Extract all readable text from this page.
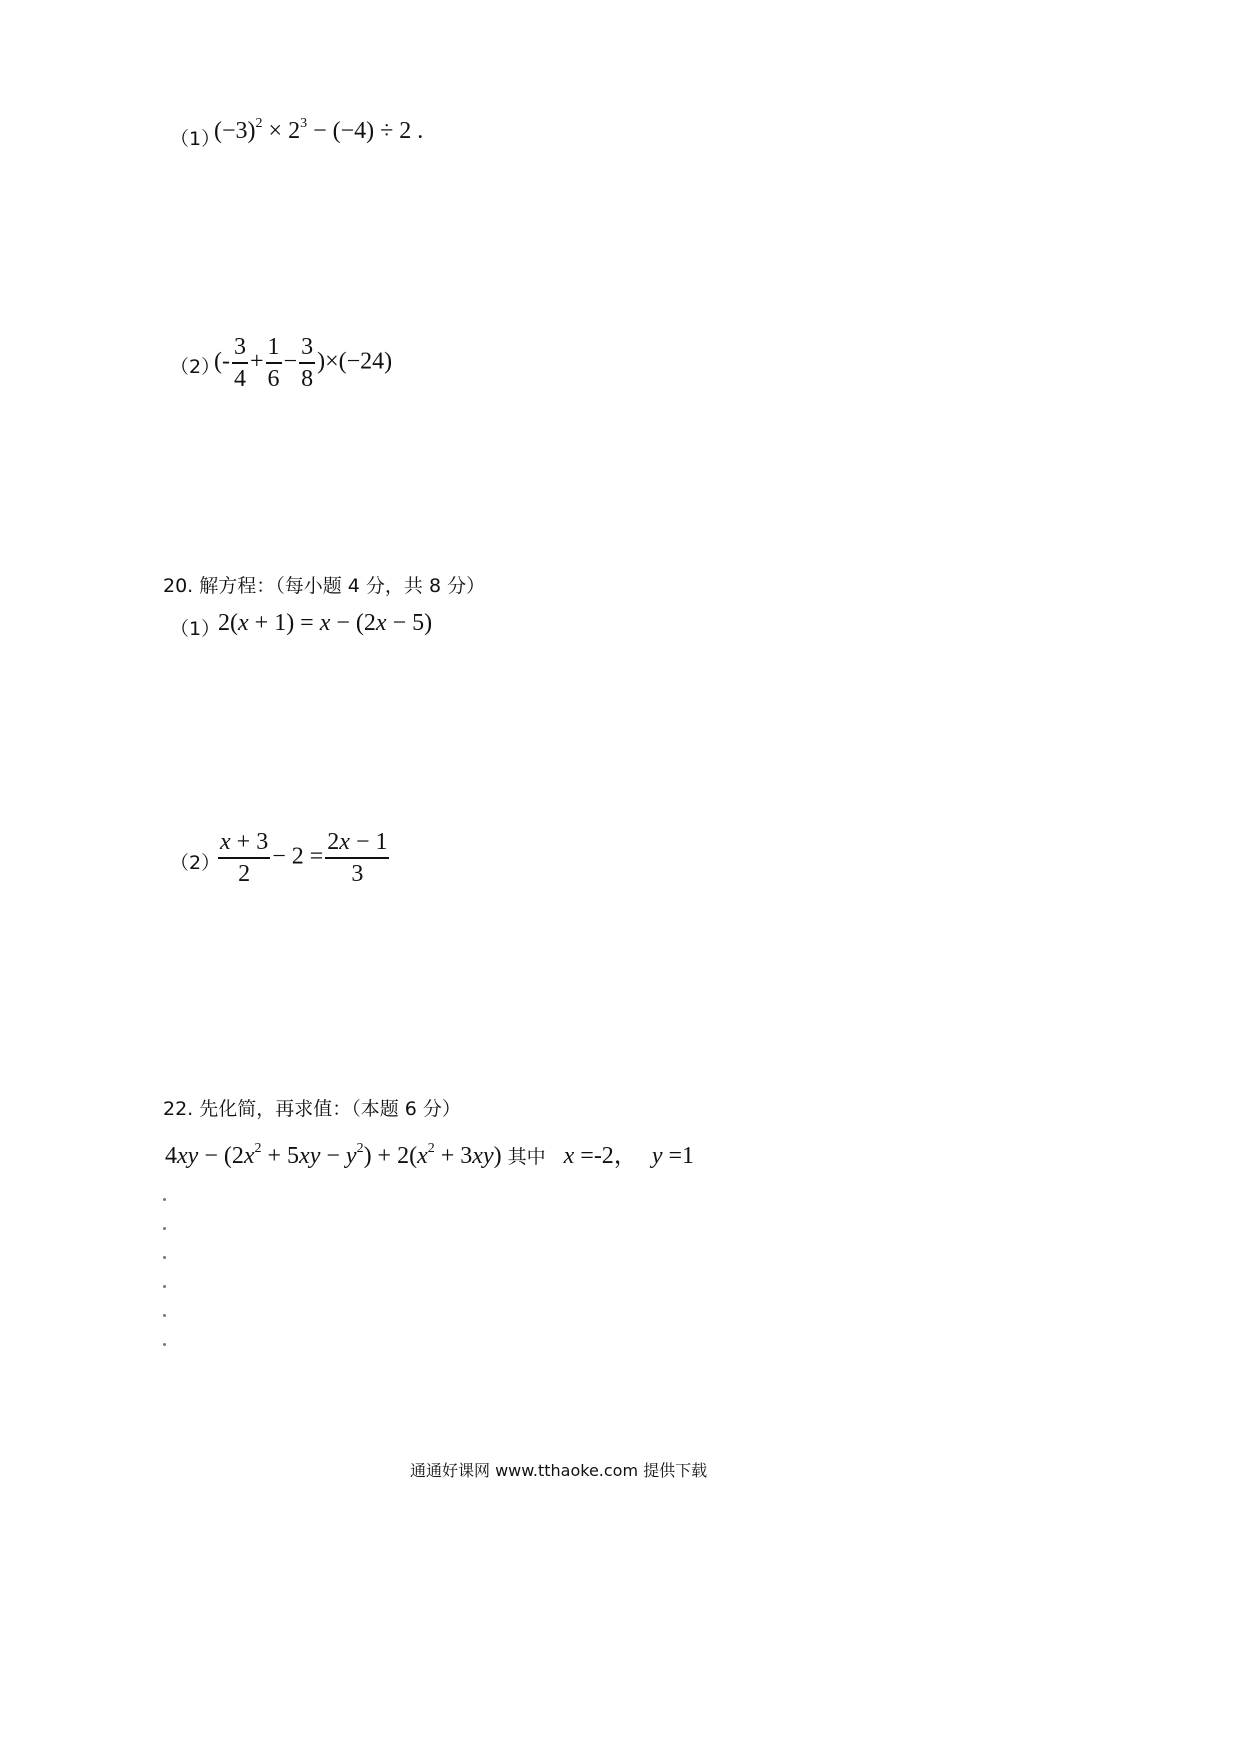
（1）
$(-3)^2 \times 2^3 - (-4) \div 2$ .
（2）
(- $\frac{3}{4} + \frac{1}{6} - \frac{3}{8} )\times(-24)$
20. 解方程：（每小题 4 分，共 8 分）
（1）
2(x + 1) = x − (2x − 5)
（2）
$\frac{x + 3}{2} - 2 = \frac{2x - 1}{3}$
22. 先化简，再求值：（本题 6 分）
$4xy - (2x^2 + 5xy - y^2) + 2(x^2 + 3xy)$ 其中 x =-2， y =1
通通好课网 www.tthaoke.com 提供下载
